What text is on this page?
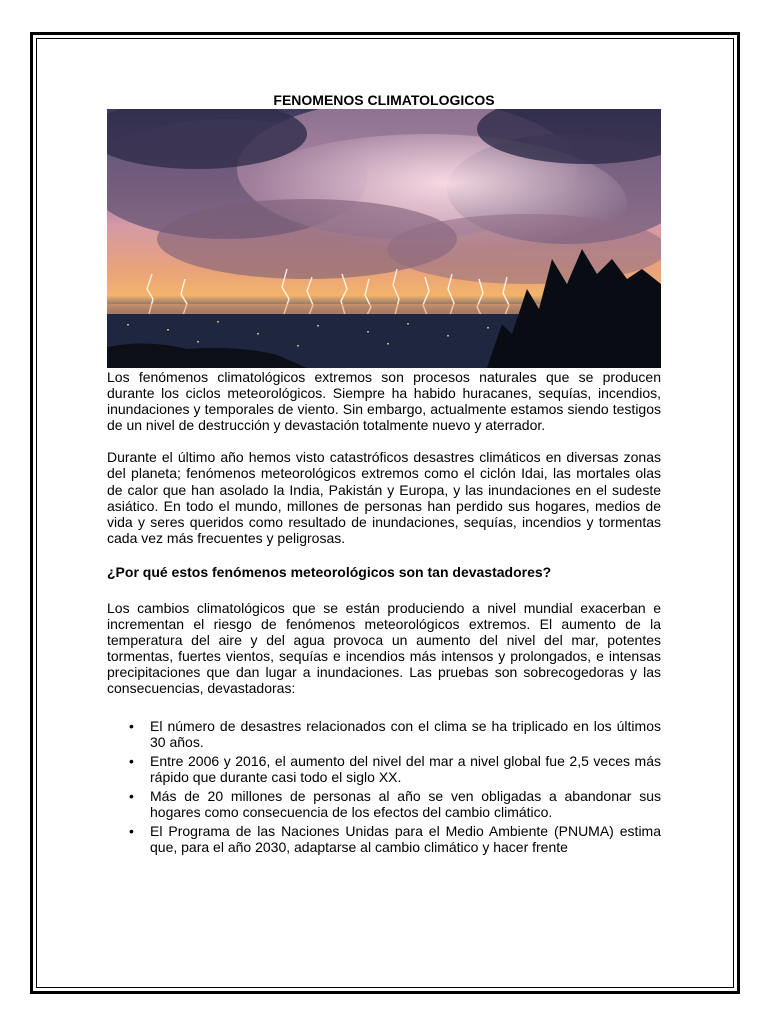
FENOMENOS CLIMATOLOGICOS

Los fenómenos climatológicos extremos son procesos naturales que se producen durante los ciclos meteorológicos. Siempre ha habido huracanes, sequías, incendios, inundaciones y temporales de viento. Sin embargo, actualmente estamos siendo testigos de un nivel de destrucción y devastación totalmente nuevo y aterrador.

Durante el último año hemos visto catastróficos desastres climáticos en diversas zonas del planeta; fenómenos meteorológicos extremos como el ciclón Idai, las mortales olas de calor que han asolado la India, Pakistán y Europa, y las inundaciones en el sudeste asiático. En todo el mundo, millones de personas han perdido sus hogares, medios de vida y seres queridos como resultado de inundaciones, sequías, incendios y tormentas cada vez más frecuentes y peligrosas.

¿Por qué estos fenómenos meteorológicos son tan devastadores?

Los cambios climatológicos que se están produciendo a nivel mundial exacerban e incrementan el riesgo de fenómenos meteorológicos extremos. El aumento de la temperatura del aire y del agua provoca un aumento del nivel del mar, potentes tormentas, fuertes vientos, sequías e incendios más intensos y prolongados, e intensas precipitaciones que dan lugar a inundaciones. Las pruebas son sobrecogedoras y las consecuencias, devastadoras:

• El número de desastres relacionados con el clima se ha triplicado en los últimos 30 años.
• Entre 2006 y 2016, el aumento del nivel del mar a nivel global fue 2,5 veces más rápido que durante casi todo el siglo XX.
• Más de 20 millones de personas al año se ven obligadas a abandonar sus hogares como consecuencia de los efectos del cambio climático.
• El Programa de las Naciones Unidas para el Medio Ambiente (PNUMA) estima que, para el año 2030, adaptarse al cambio climático y hacer frente
